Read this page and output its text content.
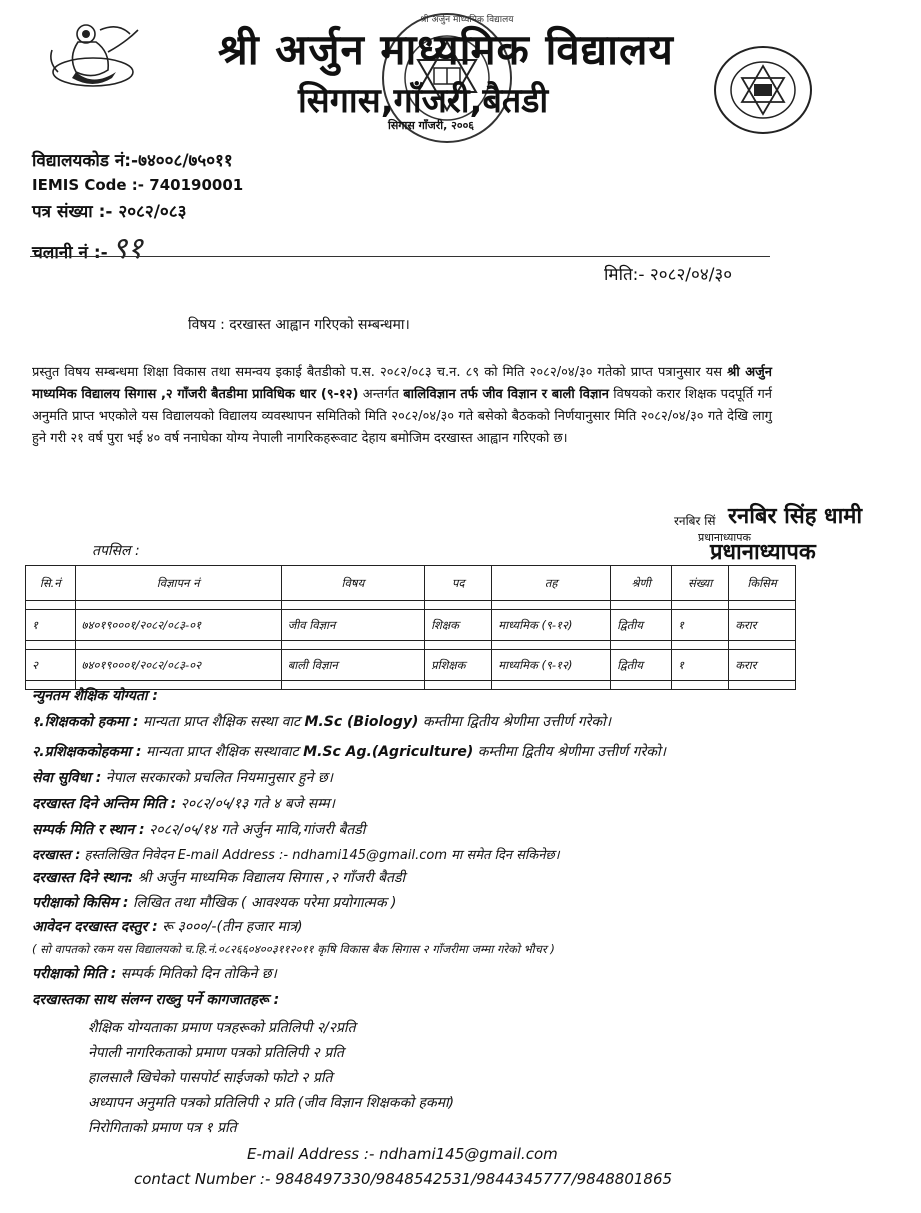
सिगास गाँजरी, २००६
श्री अर्जुन माध्यमिक विद्यालय
श्री अर्जुन माध्यमिक विद्यालय
सिगास,गाँजरी,बैतडी
विद्यालयकोड नं:-७४००८/७५०११
IEMIS Code :- 740190001
पत्र संख्या :- २०८२/०८३
चलानी नं :- ९१
मिति:- २०८२/०४/३०
विषय : दरखास्त आह्वान गरिएको सम्बन्धमा।
प्रस्तुत विषय सम्बन्धमा शिक्षा विकास तथा समन्वय इकाई बैतडीको प.स. २०८२/०८३ च.न. ८९ को मिति २०८२/०४/३० गतेको प्राप्त पत्रानुसार यस श्री अर्जुन माध्यमिक विद्यालय सिगास ,२ गाँजरी बैतडीमा प्राविधिक धार (९-१२) अन्तर्गत बालिविज्ञान तर्फ जीव विज्ञान र बाली विज्ञान विषयको करार शिक्षक पदपूर्ति गर्न अनुमति प्राप्त भएकोले यस विद्यालयको विद्यालय व्यवस्थापन समितिको मिति २०८२/०४/३० गते बसेको बैठकको निर्णयानुसार मिति २०८२/०४/३० गते देखि लागु हुने गरी २१ वर्ष पुरा भई ४० वर्ष ननाघेका योग्य नेपाली नागरिकहरूवाट देहाय बमोजिम दरखास्त आह्वान गरिएको छ।
रनबिर सिं रनबिर सिंह धामी
प्रधानाध्यापक
प्रधानाध्यापक
तपसिल :
सि.नं	विज्ञापन नं	विषय	पद	तह	श्रेणी	संख्या	किसिम

१	७४०१९०००१/२०८२/०८३-०१	जीव विज्ञान	शिक्षक	माध्यमिक (९-१२)	द्वितीय	१	करार

२	७४०१९०००१/२०८२/०८३-०२	बाली विज्ञान	प्रशिक्षक	माध्यमिक (९-१२)	द्वितीय	१	करार

न्युनतम शैक्षिक योग्यता :
१.शिक्षकको हकमा : मान्यता प्राप्त शैक्षिक सस्था वाट M.Sc (Biology) कम्तीमा द्वितीय श्रेणीमा उत्तीर्ण गरेको।
२.प्रशिक्षककोहकमा : मान्यता प्राप्त शैक्षिक सस्थावाट M.Sc Ag.(Agriculture) कम्तीमा द्वितीय श्रेणीमा उत्तीर्ण गरेको।
सेवा सुविधा : नेपाल सरकारको प्रचलित नियमानुसार हुने छ।
दरखास्त दिने अन्तिम मिति : २०८२/०५/१३ गते ४ बजे सम्म।
सम्पर्क मिति र स्थान : २०८२/०५/१४ गते अर्जुन मावि,गांजरी बैतडी
दरखास्त : हस्तलिखित निवेदन E-mail Address :- ndhami145@gmail.com मा समेत दिन सकिनेछ।
दरखास्त दिने स्थान: श्री अर्जुन माध्यमिक विद्यालय सिगास ,२ गाँजरी बैतडी
परीक्षाको किसिम : लिखित तथा मौखिक ( आवश्यक परेमा प्रयोगात्मक )
आवेदन दरखास्त दस्तुर : रू ३०००/-(तीन हजार मात्र)
( सो वापतको रकम यस विद्यालयको च.हि.नं.०८२६६०४००३११२०११ कृषि विकास बैक सिगास २ गाँजरीमा जम्मा गरेको भौचर )
परीक्षाको मिति : सम्पर्क मितिको दिन तोकिने छ।
दरखास्तका साथ संलग्न राख्नु पर्ने कागजातहरू :
शैक्षिक योग्यताका प्रमाण पत्रहरूको प्रतिलिपी २/२प्रति
नेपाली नागरिकताको प्रमाण पत्रको प्रतिलिपी २ प्रति
हालसालै खिचेको पासपोर्ट साईजको फोटो २ प्रति
अध्यापन अनुमति पत्रको प्रतिलिपी २ प्रति (जीव विज्ञान शिक्षकको हकमा)
निरोगिताको प्रमाण पत्र १ प्रति
E-mail Address :- ndhami145@gmail.com
contact Number :- 9848497330/9848542531/9844345777/9848801865
